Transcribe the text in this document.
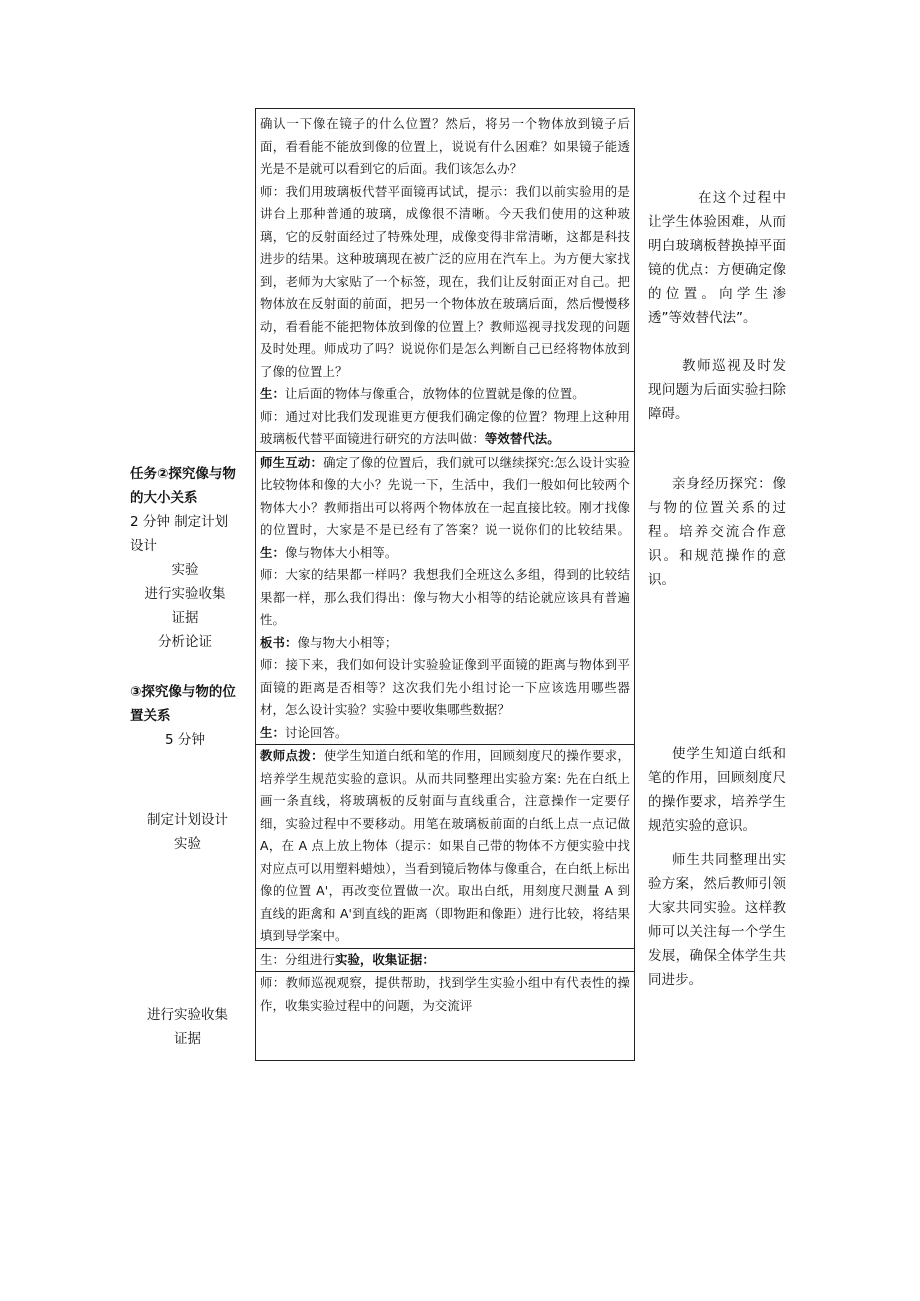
任务②探究像与物的大小关系

2 分钟 制定计划设计

实验

进行实验收集

证据

分析论证

③探究像与物的位置关系

5 分钟

制定计划设计

实验

进行实验收集

证据

确认一下像在镜子的什么位置？然后，将另一个物体放到镜子后面，看看能不能放到像的位置上，说说有什么困难？如果镜子能透光是不是就可以看到它的后面。我们该怎么办？

师：我们用玻璃板代替平面镜再试试，提示：我们以前实验用的是讲台上那种普通的玻璃，成像很不清晰。今天我们使用的这种玻璃，它的反射面经过了特殊处理，成像变得非常清晰，这都是科技进步的结果。这种玻璃现在被广泛的应用在汽车上。为方便大家找到，老师为大家贴了一个标签，现在，我们让反射面正对自己。把物体放在反射面的前面，把另一个物体放在玻璃后面，然后慢慢移动，看看能不能把物体放到像的位置上？教师巡视寻找发现的问题及时处理。师成功了吗？说说你们是怎么判断自己已经将物体放到了像的位置上？

生：让后面的物体与像重合，放物体的位置就是像的位置。

师：通过对比我们发现谁更方便我们确定像的位置？物理上这种用玻璃板代替平面镜进行研究的方法叫做：等效替代法。

师生互动：确定了像的位置后，我们就可以继续探究:怎么设计实验比较物体和像的大小？先说一下，生活中，我们一般如何比较两个物体大小？教师指出可以将两个物体放在一起直接比较。刚才找像的位置时，大家是不是已经有了答案？说一说你们的比较结果。生：像与物体大小相等。

师：大家的结果都一样吗？我想我们全班这么多组，得到的比较结果都一样，那么我们得出：像与物大小相等的结论就应该具有普遍性。

板书：像与物大小相等；

师：接下来，我们如何设计实验验证像到平面镜的距离与物体到平面镜的距离是否相等？这次我们先小组讨论一下应该选用哪些器材，怎么设计实验？实验中要收集哪些数据？

生：讨论回答。

教师点拨：使学生知道白纸和笔的作用，回顾刻度尺的操作要求，培养学生规范实验的意识。从而共同整理出实验方案: 先在白纸上画一条直线，将玻璃板的反射面与直线重合，注意操作一定要仔细，实验过程中不要移动。用笔在玻璃板前面的白纸上点一点记做 A，在 A 点上放上物体（提示：如果自己带的物体不方便实验中找对应点可以用塑料蜡烛），当看到镜后物体与像重合，在白纸上标出像的位置 A'，再改变位置做一次。取出白纸，用刻度尺测量 A 到直线的距禽和 A'到直线的距离（即物距和像距）进行比较，将结果填到导学案中。

生：分组进行实验，收集证据：

师：教师巡视观察，提供帮助，找到学生实验小组中有代表性的操作，收集实验过程中的问题，为交流评

在这个过程中让学生体验困难，从而明白玻璃板替换掉平面镜的优点：方便确定像的位置。向学生渗透”等效替代法”。

教师巡视及时发现问题为后面实验扫除障碍。

亲身经历探究：像与物的位置关系的过程。培养交流合作意识。和规范操作的意识。

使学生知道白纸和笔的作用，回顾刻度尺的操作要求，培养学生规范实验的意识。

师生共同整理出实验方案，然后教师引领大家共同实验。这样教师可以关注每一个学生发展，确保全体学生共同进步。
